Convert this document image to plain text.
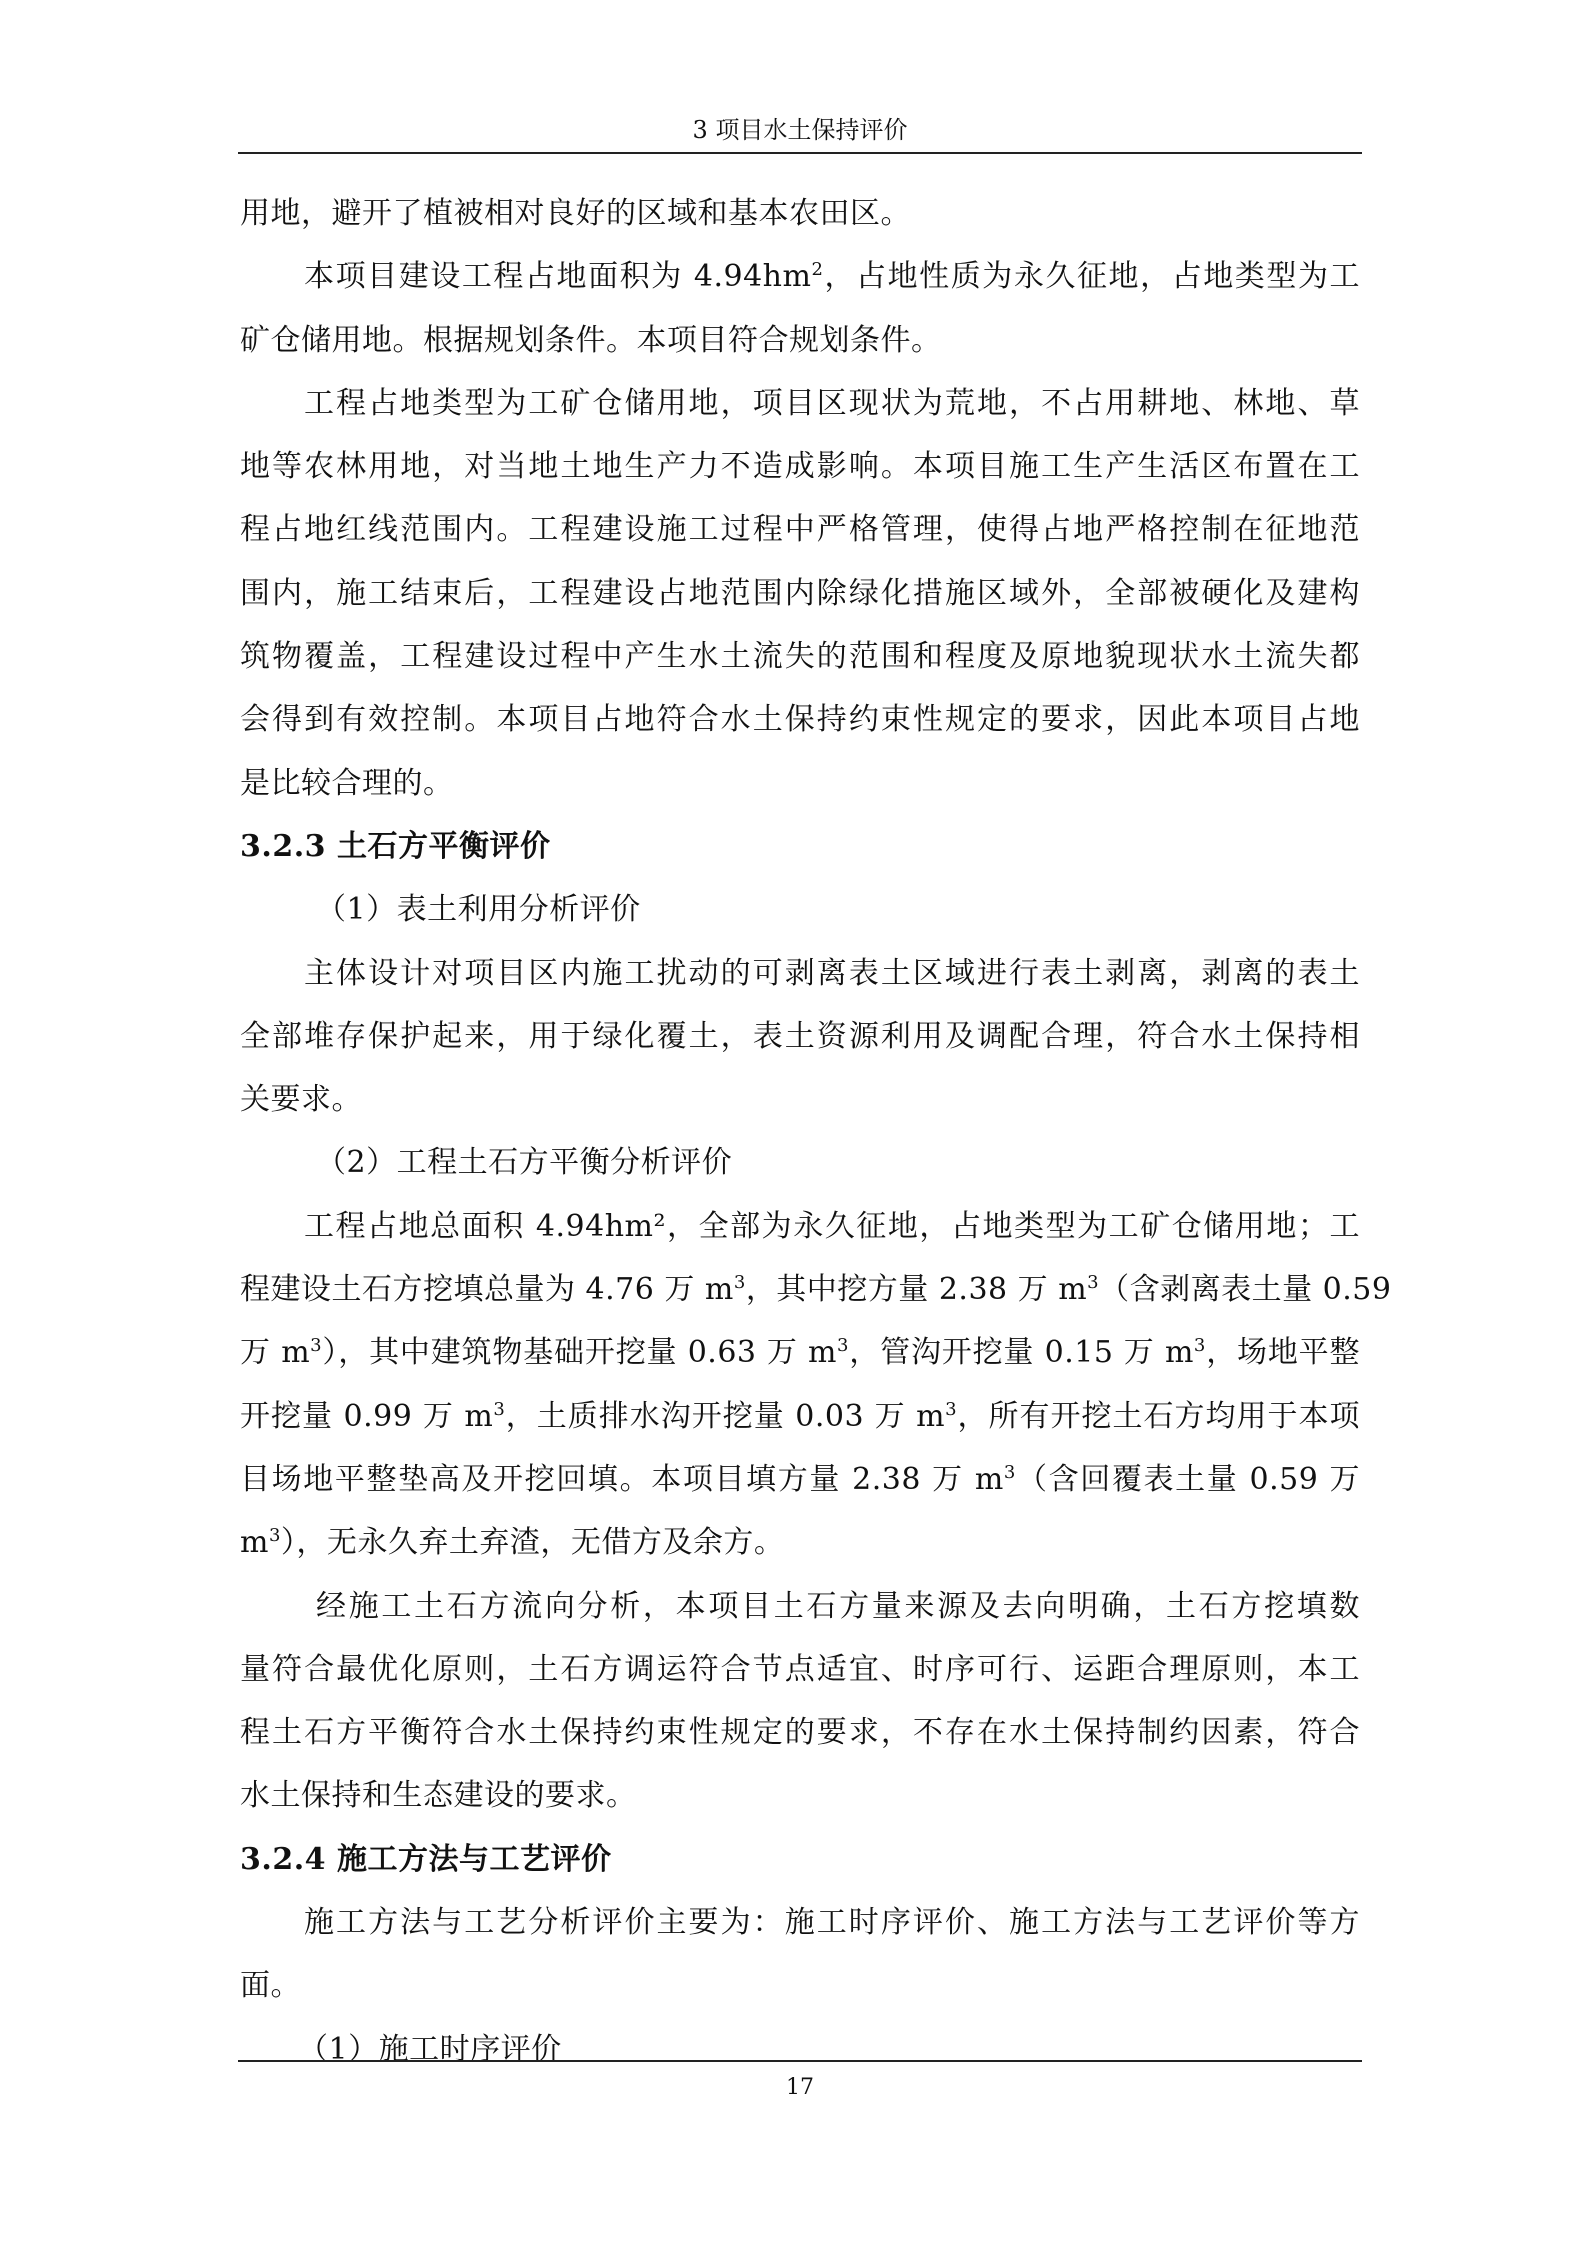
3 项目水土保持评价
用地，避开了植被相对良好的区域和基本农田区。
本项目建设工程占地面积为 $4.94hm^2$，占地性质为永久征地，占地类型为工
矿仓储用地。根据规划条件。本项目符合规划条件。
工程占地类型为工矿仓储用地，项目区现状为荒地，不占用耕地、林地、草
地等农林用地，对当地土地生产力不造成影响。本项目施工生产生活区布置在工
程占地红线范围内。工程建设施工过程中严格管理，使得占地严格控制在征地范
围内，施工结束后，工程建设占地范围内除绿化措施区域外，全部被硬化及建构
筑物覆盖，工程建设过程中产生水土流失的范围和程度及原地貌现状水土流失都
会得到有效控制。本项目占地符合水土保持约束性规定的要求，因此本项目占地
是比较合理的。
3.2.3 土石方平衡评价
（1）表土利用分析评价
主体设计对项目区内施工扰动的可剥离表土区域进行表土剥离，剥离的表土
全部堆存保护起来，用于绿化覆土，表土资源利用及调配合理，符合水土保持相
关要求。
（2）工程土石方平衡分析评价
工程占地总面积 4.94hm²，全部为永久征地，占地类型为工矿仓储用地；工
程建设土石方挖填总量为 4.76 万 $m^3$，其中挖方量 2.38 万 $m^3$（含剥离表土量 0.59
万 $m^3$），其中建筑物基础开挖量 0.63 万 $m^3$，管沟开挖量 0.15 万 $m^3$，场地平整
开挖量 0.99 万 $m^3$，土质排水沟开挖量 0.03 万 $m^3$，所有开挖土石方均用于本项
目场地平整垫高及开挖回填。本项目填方量 2.38 万 $m^3$（含回覆表土量 0.59 万
$m^3$），无永久弃土弃渣，无借方及余方。
经施工土石方流向分析，本项目土石方量来源及去向明确，土石方挖填数
量符合最优化原则，土石方调运符合节点适宜、时序可行、运距合理原则，本工
程土石方平衡符合水土保持约束性规定的要求，不存在水土保持制约因素，符合
水土保持和生态建设的要求。
3.2.4 施工方法与工艺评价
施工方法与工艺分析评价主要为：施工时序评价、施工方法与工艺评价等方
面。
（1）施工时序评价
17
